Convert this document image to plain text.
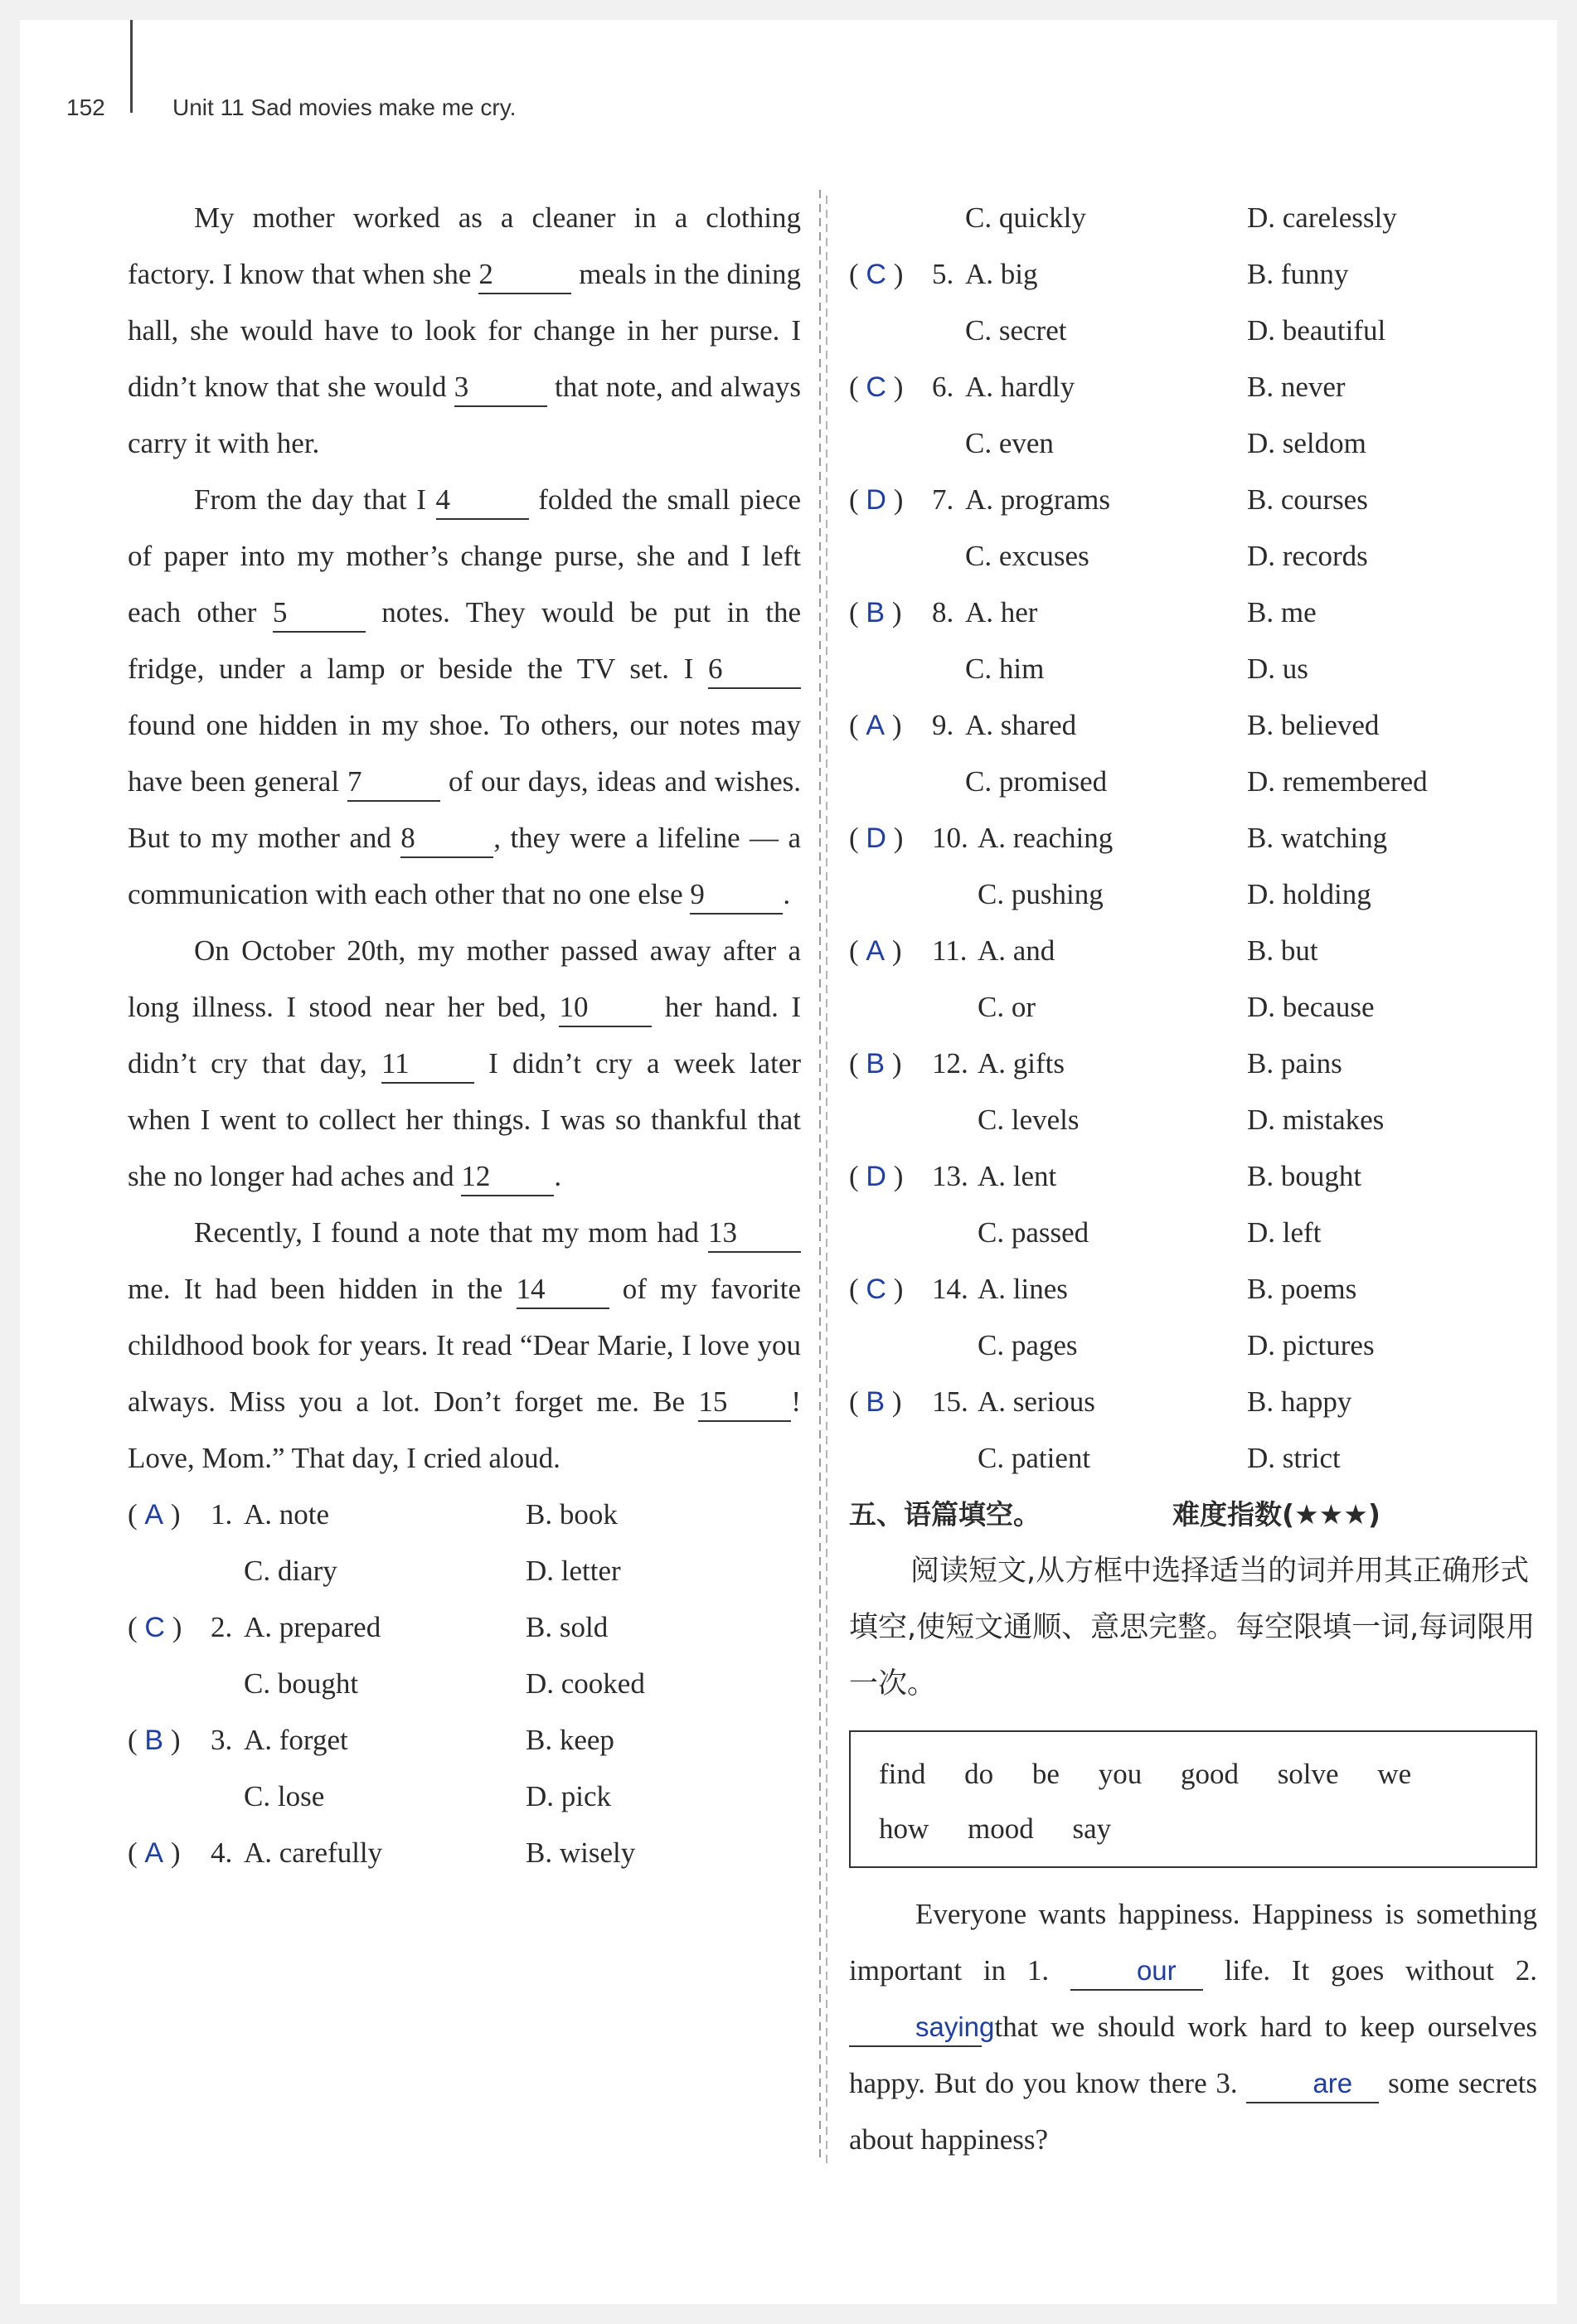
152	Unit 11 Sad movies make me cry.

My mother worked as a cleaner in a clothing factory. I know that when she 2	meals in the dining hall, she would have to look for change in her purse. I didn’t know that she would 3	that note, and always carry it with her.

From the day that I 4	folded the small piece of paper into my mother’s change purse, she and I left each other 5	notes. They would be put in the fridge, under a lamp or beside the TV set. I 6 found one hidden in my shoe. To others, our notes may have been general 7	of our days, ideas and wishes. But to my mother and 8	, they were a lifeline — a communication with each other that no one else 9	.

On October 20th, my mother passed away after a long illness. I stood near her bed, 10 her hand. I didn’t cry that day, 11 I didn’t cry a week later when I went to collect her things. I was so thankful that she no longer had aches and 12 .

Recently, I found a note that my mom had 13 me. It had been hidden in the 14 of my favorite childhood book for years. It read “Dear Marie, I love you always. Miss you a lot. Don’t forget me. Be 15 ! Love, Mom.” That day, I cried aloud.

( A )	1. A. note	B. book
C. diary	D. letter
( C ) 2. A. prepared	B. sold
C. bought	D. cooked
( B )	3. A. forget	B. keep
C. lose	D. pick
( A )	4. A. carefully	B. wisely
C. quickly	D. carelessly
( C ) 5. A. big	B. funny
C. secret	D. beautiful
( C ) 6. A. hardly	B. never
C. even	D. seldom
( D ) 7. A. programs	B. courses
C. excuses	D. records
( B )	8. A. her	B. me
C. him	D. us
( A )	9. A. shared	B. believed
C. promised	D. remembered
( D ) 10. A. reaching	B. watching
C. pushing	D. holding
( A )	11. A. and	B. but
C. or	D. because
( B )	12. A. gifts	B. pains
C. levels	D. mistakes
( D ) 13. A. lent	B. bought
C. passed	D. left
( C ) 14. A. lines	B. poems
C. pages	D. pictures
( B )	15. A. serious	B. happy
C. patient	D. strict
五、语篇填空。	难度指数(★★★)

阅读短文,从方框中选择适当的词并用其正确形式填空,使短文通顺、意思完整。每空限填一词,每词限用一次。

find do be you good solve we
how mood say

Everyone wants happiness. Happiness is something important in 1.	our life. It goes without 2. saying that we should work hard to keep ourselves happy. But do you know there 3.	are some secrets about happiness?
